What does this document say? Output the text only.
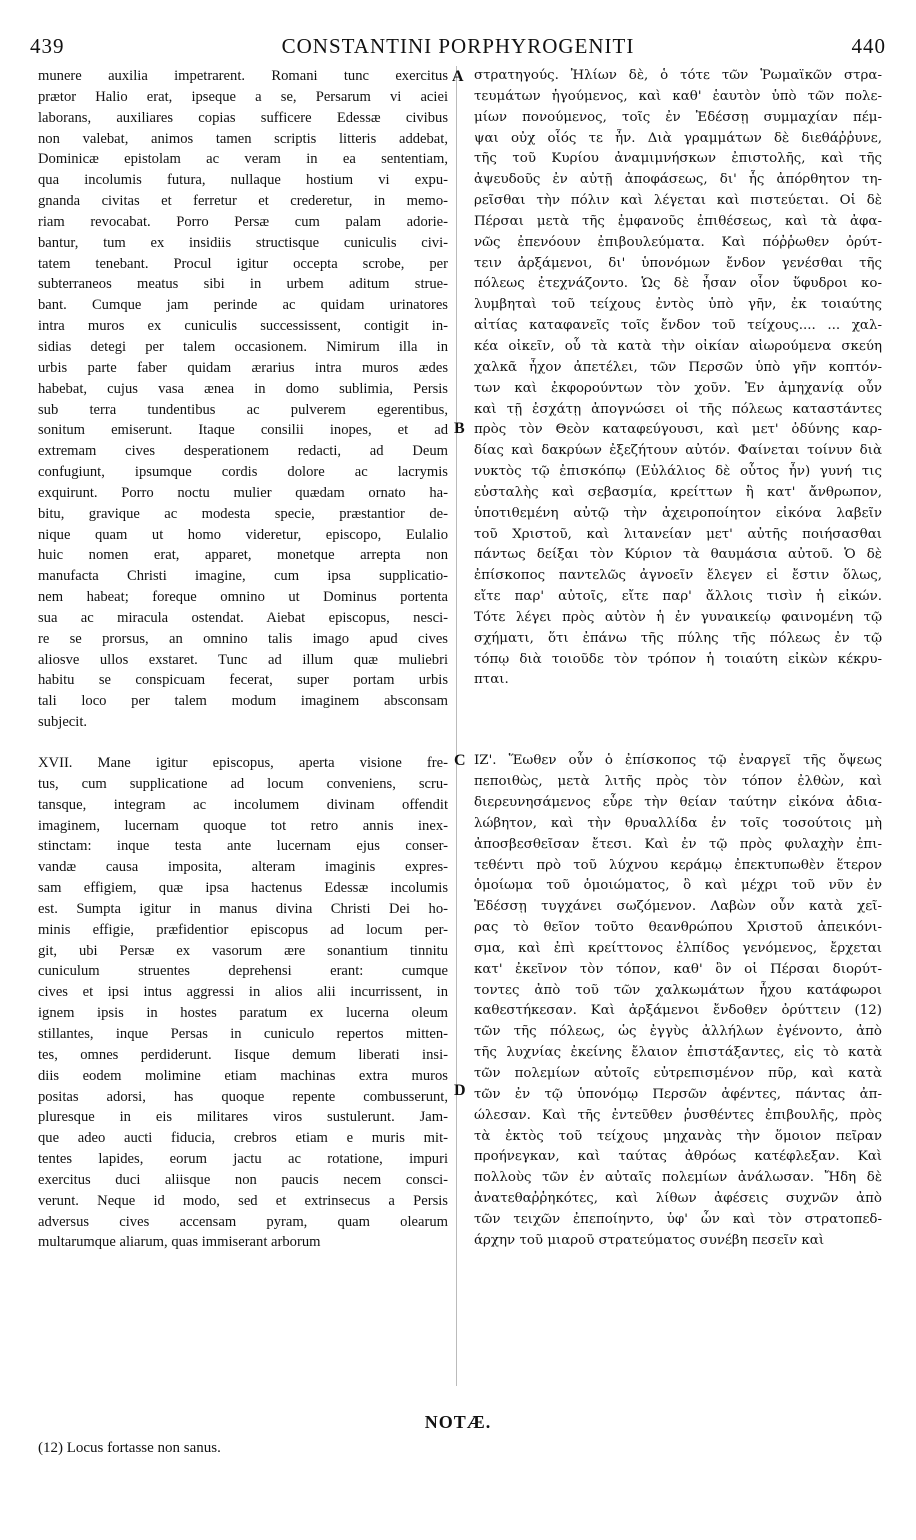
439	CONSTANTINI PORPHYROGENITI	440
munere auxilia impetrarent. Romani tunc exercitus
prætor Halio erat, ipseque a se, Persarum vi aciei
laborans, auxiliares copias sufficere Edessæ civibus
non valebat, animos tamen scriptis litteris addebat,
Dominicæ epistolam ac veram in ea sententiam,
qua incolumis futura, nullaque hostium vi expu-
gnanda civitas et ferretur et crederetur, in memo-
riam revocabat. Porro Persæ cum palam adorie-
bantur, tum ex insidiis structisque cuniculis civi-
tatem tenebant. Procul igitur occepta scrobe, per
subterraneos meatus sibi in urbem aditum strue-
bant. Cumque jam perinde ac quidam urinatores
intra muros ex cuniculis successissent, contigit in-
sidias detegi per talem occasionem. Nimirum illa in
urbis parte faber quidam ærarius intra muros ædes
habebat, cujus vasa ænea in domo sublimia, Persis
sub terra tundentibus ac pulverem egerentibus,
sonitum emiserunt. Itaque consilii inopes, et ad
extremam cives desperationem redacti, ad Deum
confugiunt, ipsumque cordis dolore ac lacrymis
exquirunt. Porro noctu mulier quædam ornato ha-
bitu, gravique ac modesta specie, præstantior de-
nique quam ut homo videretur, episcopo, Eulalio
huic nomen erat, apparet, monetque arrepta non
manufacta Christi imagine, cum ipsa supplicatio-
nem habeat; foreque omnino ut Dominus portenta
sua ac miracula ostendat. Aiebat episcopus, nesci-
re se prorsus, an omnino talis imago apud cives
aliosve ullos exstaret. Tunc ad illum quæ muliebri
habitu se conspicuam fecerat, super portam urbis
tali loco per talem modum imaginem absconsam
subjecit.
XVII. Mane igitur episcopus, aperta visione fre-
tus, cum supplicatione ad locum conveniens, scru-
tansque, integram ac incolumem divinam offendit
imaginem, lucernam quoque tot retro annis inex-
stinctam: inque testa ante lucernam ejus conser-
vandæ causa imposita, alteram imaginis expres-
sam effigiem, quæ ipsa hactenus Edessæ incolumis
est. Sumpta igitur in manus divina Christi Dei ho-
minis effigie, præfidentior episcopus ad locum per-
git, ubi Persæ ex vasorum ære sonantium tinnitu
cuniculum struentes deprehensi erant: cumque
cives et ipsi intus aggressi in alios alii incurrissent, in
ignem ipsis in hostes paratum ex lucerna oleum
stillantes, inque Persas in cuniculo repertos mitten-
tes, omnes perdiderunt. Iisque demum liberati insi-
diis eodem molimine etiam machinas extra muros
positas adorsi, has quoque repente combusserunt,
pluresque in eis militares viros sustulerunt. Jam-
que adeo aucti fiducia, crebros etiam e muris mit-
tentes lapides, eorum jactu ac rotatione, impuri
exercitus duci aliisque non paucis necem consci-
verunt. Neque id modo, sed et extrinsecus a Persis
adversus cives accensam pyram, quam olearum
multarumque aliarum, quas immiserant arborum
στρατηγούς. Ἠλίων δὲ, ὁ τότε τῶν Ῥωμαϊκῶν στρα-
τευμάτων ἡγούμενος, καὶ καθ' ἑαυτὸν ὑπὸ τῶν πολε-
μίων πονούμενος, τοῖς ἐν Ἐδέσσῃ συμμαχίαν πέμ-
ψαι οὐχ οἷός τε ἦν. Διὰ γραμμάτων δὲ διεθάῤῥυνε,
τῆς τοῦ Κυρίου ἀναμιμνήσκων ἐπιστολῆς, καὶ τῆς
ἀψευδοῦς ἐν αὐτῇ ἀποφάσεως, δι' ἧς ἀπόρθητον τη-
ρεῖσθαι τὴν πόλιν καὶ λέγεται καὶ πιστεύεται. Οἱ δὲ
Πέρσαι μετὰ τῆς ἐμφανοῦς ἐπιθέσεως, καὶ τὰ ἀφα-
νῶς ἐπενόουν ἐπιβουλεύματα. Καὶ πόῤῥωθεν ὀρύτ-
τειν ἀρξάμενοι, δι' ὑπονόμων ἔνδον γενέσθαι τῆς
πόλεως ἐτεχνάζοντο. Ὡς δὲ ἦσαν οἷον ὕφυδροι κο-
λυμβηταὶ τοῦ τείχους ἐντὸς ὑπὸ γῆν, ἐκ τοιαύτης
αἰτίας καταφανεῖς τοῖς ἔνδον τοῦ τείχους.... ... χαλ-
κέα οἰκεῖν, οὗ τὰ κατὰ τὴν οἰκίαν αἰωρούμενα σκεύη
χαλκᾶ ἦχον ἀπετέλει, τῶν Περσῶν ὑπὸ γῆν κοπτόν-
των καὶ ἐκφορούντων τὸν χοῦν. Ἐν ἀμηχανίᾳ οὖν
καὶ τῇ ἐσχάτῃ ἀπογνώσει οἱ τῆς πόλεως καταστάντες
πρὸς τὸν Θεὸν καταφεύγουσι, καὶ μετ' ὀδύνης καρ-
δίας καὶ δακρύων ἐξεζήτουν αὐτόν. Φαίνεται τοίνυν διὰ
νυκτὸς τῷ ἐπισκόπῳ (Εὐλάλιος δὲ οὗτος ἦν) γυνή τις
εὐσταλὴς καὶ σεβασμία, κρείττων ἢ κατ' ἄνθρωπον,
ὑποτιθεμένη αὐτῷ τὴν ἀχειροποίητον εἰκόνα λαβεῖν
τοῦ Χριστοῦ, καὶ λιτανείαν μετ' αὐτῆς ποιήσασθαι
πάντως δείξαι τὸν Κύριον τὰ θαυμάσια αὐτοῦ. Ὁ δὲ
ἐπίσκοπος παντελῶς ἀγνοεῖν ἔλεγεν εἰ ἔστιν ὅλως,
εἴτε παρ' αὐτοῖς, εἴτε παρ' ἄλλοις τισὶν ἡ εἰκών.
Τότε λέγει πρὸς αὐτὸν ἡ ἐν γυναικείῳ φαινομένη τῷ
σχήματι, ὅτι ἐπάνω τῆς πύλης τῆς πόλεως ἐν τῷ
τόπῳ διὰ τοιοῦδε τὸν τρόπον ἡ τοιαύτη εἰκὼν κέκρυ-
πται.
ΙΖ'. Ἕωθεν οὖν ὁ ἐπίσκοπος τῷ ἐναργεῖ τῆς ὄψεως
πεποιθὼς, μετὰ λιτῆς πρὸς τὸν τόπον ἐλθὼν, καὶ
διερευνησάμενος εὗρε τὴν θείαν ταύτην εἰκόνα ἀδια-
λώβητον, καὶ τὴν θρυαλλίδα ἐν τοῖς τοσούτοις μὴ
ἀποσβεσθεῖσαν ἔτεσι. Καὶ ἐν τῷ πρὸς φυλαχὴν ἐπι-
τεθέντι πρὸ τοῦ λύχνου κεράμῳ ἐπεκτυπωθὲν ἕτερον
ὁμοίωμα τοῦ ὁμοιώματος, ὃ καὶ μέχρι τοῦ νῦν ἐν
Ἐδέσσῃ τυγχάνει σωζόμενον. Λαβὼν οὖν κατὰ χεῖ-
ρας τὸ θεῖον τοῦτο θεανθρώπου Χριστοῦ ἀπεικόνι-
σμα, καὶ ἐπὶ κρείττονος ἐλπίδος γενόμενος, ἔρχεται
κατ' ἐκεῖνον τὸν τόπον, καθ' ὃν οἱ Πέρσαι διορύτ-
τοντες ἀπὸ τοῦ τῶν χαλκωμάτων ἦχου κατάφωροι
καθεστήκεσαν. Καὶ ἀρξάμενοι ἔνδοθεν ὀρύττειν (12)
τῶν τῆς πόλεως, ὡς ἐγγὺς ἀλλήλων ἐγένοντο, ἀπὸ
τῆς λυχνίας ἐκείνης ἔλαιον ἐπιστάξαντες, εἰς τὸ κατὰ
τῶν πολεμίων αὐτοῖς εὐτρεπισμένον πῦρ, καὶ κατὰ
τῶν ἐν τῷ ὑπονόμῳ Περσῶν ἀφέντες, πάντας ἀπ-
ώλεσαν. Καὶ τῆς ἐντεῦθεν ῥυσθέντες ἐπιβουλῆς, πρὸς
τὰ ἐκτὸς τοῦ τείχους μηχανὰς τὴν ὅμοιον πεῖραν
προήνεγκαν, καὶ ταύτας ἀθρόως κατέφλεξαν. Καὶ
πολλοὺς τῶν ἐν αὐταῖς πολεμίων ἀνάλωσαν. Ἤδη δὲ
ἀνατεθαῤῥηκότες, καὶ λίθων ἀφέσεις συχνῶν ἀπὸ
τῶν τειχῶν ἐπεποίηντο, ὑφ' ὧν καὶ τὸν στρατοπεδ-
άρχην τοῦ μιαροῦ στρατεύματος συνέβη πεσεῖν καὶ
A
B
C
D
NOTÆ.
(12) Locus fortasse non sanus.
